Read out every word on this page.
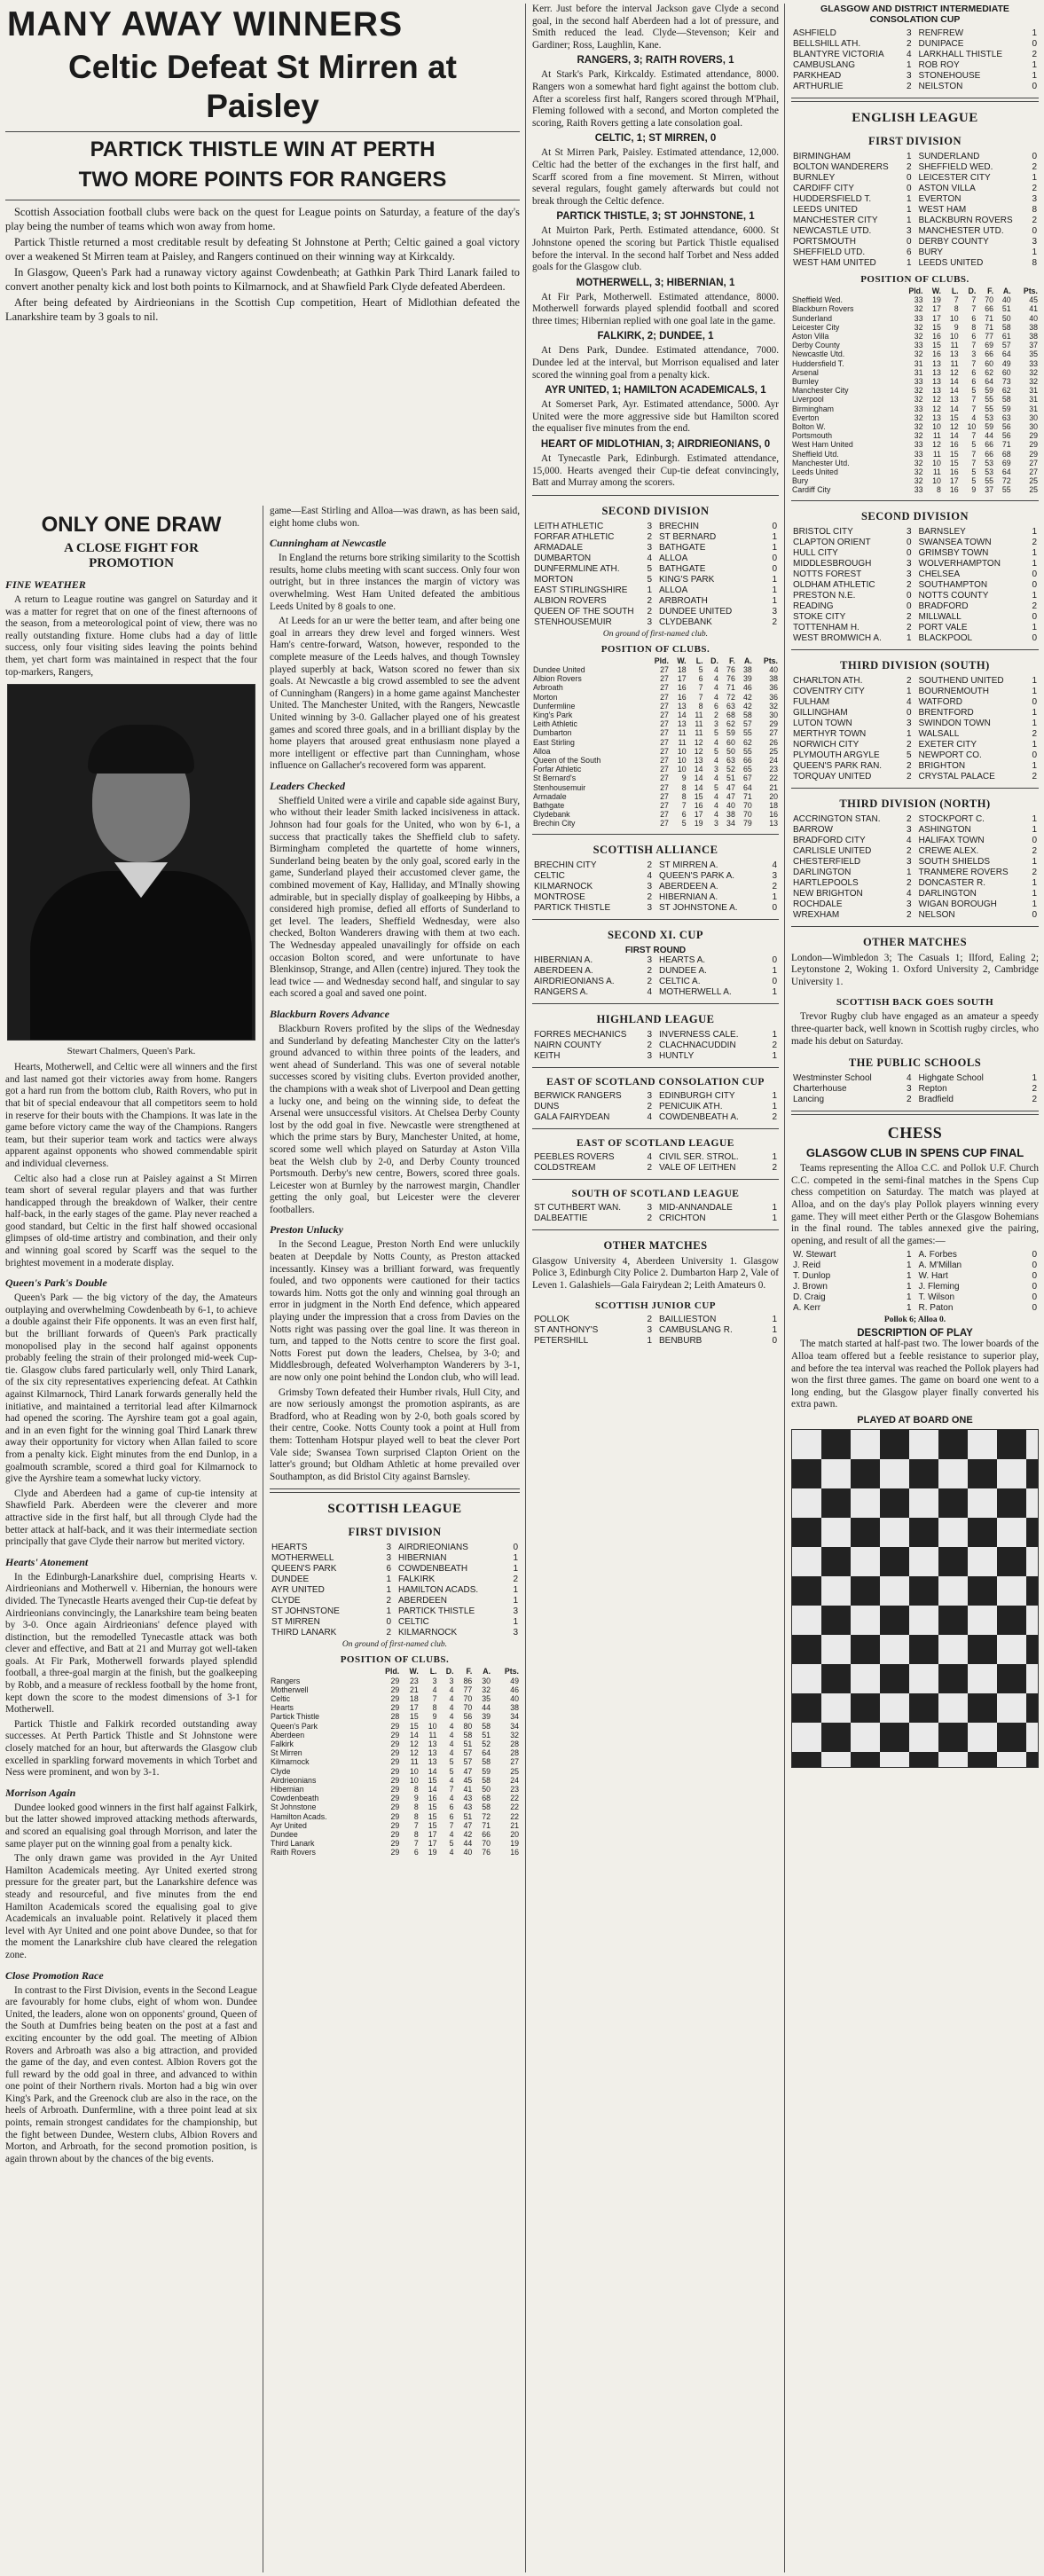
MANY AWAY WINNERS
Celtic Defeat St Mirren at Paisley
PARTICK THISTLE WIN AT PERTH
TWO MORE POINTS FOR RANGERS

Scottish Association football clubs were back on the quest for League points on Saturday, a feature of the day's play being the number of teams which won away from home.

Partick Thistle returned a most creditable result by defeating St Johnstone at Perth; Celtic gained a goal victory over a weakened St Mirren team at Paisley, and Rangers continued on their winning way at Kirkcaldy.

In Glasgow, Queen's Park had a runaway victory against Cowdenbeath; at Gathkin Park Third Lanark failed to convert another penalty kick and lost both points to Kilmarnock, and at Shawfield Park Clyde defeated Aberdeen.

After being defeated by Airdrieonians in the Scottish Cup competition, Heart of Midlothian defeated the Lanarkshire team by 3 goals to nil.

ONLY ONE DRAW
A CLOSE FIGHT FOR PROMOTION
FINE WEATHER

A return to League routine was gangrel on Saturday and it was a matter for regret that on one of the finest afternoons of the season, from a meteorological point of view, there was no really outstanding fixture. Home clubs had a day of little success, only four visiting sides leaving the points behind them, yet chart form was maintained in respect that the four top-markers, Rangers,

Stewart Chalmers, Queen's Park.

Hearts, Motherwell, and Celtic were all winners and the first and last named got their victories away from home. Rangers got a hard run from the bottom club, Raith Rovers, who put in that bit of special endeavour that all competitors seem to hold in reserve for their bouts with the Champions. It was late in the game before victory came the way of the Champions. Rangers team, but their superior team work and tactics were always apparent against opponents who showed commendable spirit and individual cleverness.

Celtic also had a close run at Paisley against a St Mirren team short of several regular players and that was further handicapped through the breakdown of Walker, their centre half-back, in the early stages of the game. Play never reached a good standard, but Celtic in the first half showed occasional glimpses of old-time artistry and combination, and their only and winning goal scored by Scarff was the sequel to the brightest movement in a moderate display.

Queen's Park's Double

Queen's Park — the big victory of the day, the Amateurs outplaying and overwhelming Cowdenbeath by 6-1, to achieve a double against their Fife opponents. It was an even first half, but the brilliant forwards of Queen's Park practically monopolised play in the second half against opponents probably feeling the strain of their prolonged mid-week Cup-tie. Glasgow clubs fared particularly well, only Third Lanark, of the six city representatives experiencing defeat. At Cathkin against Kilmarnock, Third Lanark forwards generally held the initiative, and maintained a territorial lead after Kilmarnock had opened the scoring. The Ayrshire team got a goal again, and in an even fight for the winning goal Third Lanark threw away their opportunity for victory when Allan failed to score from a penalty kick. Eight minutes from the end Dunlop, in a goalmouth scramble, scored a third goal for Kilmarnock to give the Ayrshire team a somewhat lucky victory.

Clyde and Aberdeen had a game of cup-tie intensity at Shawfield Park. Aberdeen were the cleverer and more attractive side in the first half, but all through Clyde had the better attack at half-back, and it was their intermediate section principally that gave Clyde their narrow but merited victory.

Hearts' Atonement

In the Edinburgh-Lanarkshire duel, comprising Hearts v. Airdrieonians and Motherwell v. Hibernian, the honours were divided. The Tynecastle Hearts avenged their Cup-tie defeat by Airdrieonians convincingly, the Lanarkshire team being beaten by 3-0. Once again Airdrieonians' defence played with distinction, but the remodelled Tynecastle attack was both clever and effective, and Batt at 21 and Murray got well-taken goals. At Fir Park, Motherwell forwards played splendid football, a three-goal margin at the finish, but the goalkeeping by Robb, and a measure of reckless football by the home front, kept down the score to the modest dimensions of 3-1 for Motherwell.

Partick Thistle and Falkirk recorded outstanding away successes. At Perth Partick Thistle and St Johnstone were closely matched for an hour, but afterwards the Glasgow club excelled in sparkling forward movements in which Torbet and Ness were prominent, and won by 3-1.

Morrison Again

Dundee looked good winners in the first half against Falkirk, but the latter showed improved attacking methods afterwards, and scored an equalising goal through Morrison, and later the same player put on the winning goal from a penalty kick.

The only drawn game was provided in the Ayr United Hamilton Academicals meeting. Ayr United exerted strong pressure for the greater part, but the Lanarkshire defence was steady and resourceful, and five minutes from the end Hamilton Academicals scored the equalising goal to give Academicals an invaluable point. Relatively it placed them level with Ayr United and one point above Dundee, so that for the moment the Lanarkshire club have cleared the relegation zone.

Close Promotion Race

In contrast to the First Division, events in the Second League are favourably for home clubs, eight of whom won. Dundee United, the leaders, alone won on opponents' ground, Queen of the South at Dumfries being beaten on the post at a fast and exciting encounter by the odd goal. The meeting of Albion Rovers and Arbroath was also a big attraction, and provided the game of the day, and even contest. Albion Rovers got the full reward by the odd goal in three, and advanced to within one point of their Northern rivals. Morton had a big win over King's Park, and the Greenock club are also in the race, on the heels of Arbroath. Dunfermline, with a three point lead at six points, remain strongest candidates for the championship, but the fight between Dundee, Western clubs, Albion Rovers and Morton, and Arbroath, for the second promotion position, is again thrown about by the chances of the big events.

game—East Stirling and Alloa—was drawn, as has been said, eight home clubs won.

Cunningham at Newcastle

In England the returns bore striking similarity to the Scottish results, home clubs meeting with scant success. Only four won outright, but in three instances the margin of victory was overwhelming. West Ham United defeated the ambitious Leeds United by 8 goals to one.

At Leeds for an ur were the better team, and after being one goal in arrears they drew level and forged winners. West Ham's centre-forward, Watson, however, responded to the complete measure of the Leeds halves, and though Townsley played superbly at back, Watson scored no fewer than six goals. At Newcastle a big crowd assembled to see the advent of Cunningham (Rangers) in a home game against Manchester United. The Manchester United, with the Rangers, Newcastle United winning by 3-0. Gallacher played one of his greatest games and scored three goals, and in a brilliant display by the home players that aroused great enthusiasm none played a more intelligent or effective part than Cunningham, whose influence on Gallacher's recovered form was apparent.

Leaders Checked

Sheffield United were a virile and capable side against Bury, who without their leader Smith lacked incisiveness in attack. Johnson had four goals for the United, who won by 6-1, a success that practically takes the Sheffield club to safety. Birmingham completed the quartette of home winners, Sunderland being beaten by the only goal, scored early in the game, Sunderland played their accustomed clever game, the combined movement of Kay, Halliday, and M'Inally showing admirable, but in specially display of goalkeeping by Hibbs, a considered high promise, defied all efforts of Sunderland to get level. The leaders, Sheffield Wednesday, were also checked, Bolton Wanderers drawing with them at two each. The Wednesday appealed unavailingly for offside on each occasion Bolton scored, and were unfortunate to have Blenkinsop, Strange, and Allen (centre) injured. They took the lead twice — and Wednesday second half, and singular to say each scored a goal and saved one point.

Blackburn Rovers Advance

Blackburn Rovers profited by the slips of the Wednesday and Sunderland by defeating Manchester City on the latter's ground advanced to within three points of the leaders, and went ahead of Sunderland. This was one of several notable successes scored by visiting clubs. Everton provided another, the champions with a weak shot of Liverpool and Dean getting a lucky one, and being on the winning side, to defeat the Arsenal were unsuccessful visitors. At Chelsea Derby County lost by the odd goal in five. Newcastle were strengthened at which the prime stars by Bury, Manchester United, at home, scored some well which played on Saturday at Aston Villa beat the Welsh club by 2-0, and Derby County trounced Portsmouth. Derby's new centre, Bowers, scored three goals. Leicester won at Burnley by the narrowest margin, Chandler getting the only goal, but Leicester were the cleverer footballers.

Preston Unlucky

In the Second League, Preston North End were unluckily beaten at Deepdale by Notts County, as Preston attacked incessantly. Kinsey was a brilliant forward, was frequently fouled, and two opponents were cautioned for their tactics towards him. Notts got the only and winning goal through an error in judgment in the North End defence, which appeared playing under the impression that a cross from Davies on the Notts right was passing over the goal line. It was thereon in turn, and tapped to the Notts centre to score the first goal. Notts Forest put down the leaders, Chelsea, by 3-0; and Middlesbrough, defeated Wolverhampton Wanderers by 3-1, are now only one point behind the London club, who will lead.

Grimsby Town defeated their Humber rivals, Hull City, and are now seriously amongst the promotion aspirants, as are Bradford, who at Reading won by 2-0, both goals scored by their centre, Cooke. Notts County took a point at Hull from them: Tottenham Hotspur played well to beat the clever Port Vale side; Swansea Town surprised Clapton Orient on the latter's ground; but Oldham Athletic at home prevailed over Southampton, as did Bristol City against Barnsley.

SCOTTISH LEAGUE
FIRST DIVISION
HEARTS	3 AIRDRIEONIANS	0
MOTHERWELL	3 HIBERNIAN	1
QUEEN'S PARK	6 COWDENBEATH	1
DUNDEE	1 FALKIRK	2
AYR UNITED	1 HAMILTON ACADS.	1
CLYDE	2 ABERDEEN	1
ST JOHNSTONE	1 PARTICK THISTLE	3
ST MIRREN	0 CELTIC	1
THIRD LANARK	2 KILMARNOCK	3
On ground of first-named club.
POSITION OF CLUBS.
	Pld.	W.	L.	D.	F.	A.	Pts.
Rangers	29	23	3	3	86	30	49
Motherwell	29	21	4	4	77	32	46
Celtic	29	18	7	4	70	35	40
Hearts	29	17	8	4	70	44	38
Partick Thistle	28	15	9	4	56	39	34
Queen's Park	29	15	10	4	80	58	34
Aberdeen	29	14	11	4	58	51	32
Falkirk	29	12	13	4	51	52	28
St Mirren	29	12	13	4	57	64	28
Kilmarnock	29	11	13	5	57	58	27
Clyde	29	10	14	5	47	59	25
Airdrieonians	29	10	15	4	45	58	24
Hibernian	29	8	14	7	41	50	23
Cowdenbeath	29	9	16	4	43	68	22
St Johnstone	29	8	15	6	43	58	22
Hamilton Acads.	29	8	15	6	51	72	22
Ayr United	29	7	15	7	47	71	21
Dundee	29	8	17	4	42	66	20
Third Lanark	29	7	17	5	44	70	19
Raith Rovers	29	6	19	4	40	76	16

Kerr. Just before the interval Jackson gave Clyde a second goal, in the second half Aberdeen had a lot of pressure, and Smith reduced the lead. Clyde—Stevenson; Keir and Gardiner; Ross, Laughlin, Kane.

RANGERS, 3; RAITH ROVERS, 1

At Stark's Park, Kirkcaldy. Estimated attendance, 8000. Rangers won a somewhat hard fight against the bottom club. After a scoreless first half, Rangers scored through M'Phail, Fleming followed with a second, and Morton completed the scoring, Raith Rovers getting a late consolation goal.

CELTIC, 1; ST MIRREN, 0

At St Mirren Park, Paisley. Estimated attendance, 12,000. Celtic had the better of the exchanges in the first half, and Scarff scored from a fine movement. St Mirren, without several regulars, fought gamely afterwards but could not break through the Celtic defence.

PARTICK THISTLE, 3; ST JOHNSTONE, 1

At Muirton Park, Perth. Estimated attendance, 6000. St Johnstone opened the scoring but Partick Thistle equalised before the interval. In the second half Torbet and Ness added goals for the Glasgow club.

MOTHERWELL, 3; HIBERNIAN, 1

At Fir Park, Motherwell. Estimated attendance, 8000. Motherwell forwards played splendid football and scored three times; Hibernian replied with one goal late in the game.

FALKIRK, 2; DUNDEE, 1

At Dens Park, Dundee. Estimated attendance, 7000. Dundee led at the interval, but Morrison equalised and later scored the winning goal from a penalty kick.

AYR UNITED, 1; HAMILTON ACADEMICALS, 1

At Somerset Park, Ayr. Estimated attendance, 5000. Ayr United were the more aggressive side but Hamilton scored the equaliser five minutes from the end.

HEART OF MIDLOTHIAN, 3; AIRDRIEONIANS, 0

At Tynecastle Park, Edinburgh. Estimated attendance, 15,000. Hearts avenged their Cup-tie defeat convincingly, Batt and Murray among the scorers.

SECOND DIVISION
LEITH ATHLETIC	3 BRECHIN	0
FORFAR ATHLETIC	2 ST BERNARD	1
ARMADALE	3 BATHGATE	1
DUMBARTON	4 ALLOA	0
DUNFERMLINE ATH.	5 BATHGATE	0
MORTON	5 KING'S PARK	1
EAST STIRLINGSHIRE	1 ALLOA	1
ALBION ROVERS	2 ARBROATH	1
QUEEN OF THE SOUTH	2 DUNDEE UNITED	3
STENHOUSEMUIR	3 CLYDEBANK	2
On ground of first-named club.
POSITION OF CLUBS.
	Pld.	W.	L.	D.	F.	A.	Pts.
Dundee United	27	18	5	4	76	38	40
Albion Rovers	27	17	6	4	76	39	38
Arbroath	27	16	7	4	71	46	36
Morton	27	16	7	4	72	42	36
Dunfermline	27	13	8	6	63	42	32
King's Park	27	14	11	2	68	58	30
Leith Athletic	27	13	11	3	62	57	29
Dumbarton	27	11	11	5	59	55	27
East Stirling	27	11	12	4	60	62	26
Alloa	27	10	12	5	50	55	25
Queen of the South	27	10	13	4	63	66	24
Forfar Athletic	27	10	14	3	52	65	23
St Bernard's	27	9	14	4	51	67	22
Stenhousemuir	27	8	14	5	47	64	21
Armadale	27	8	15	4	47	71	20
Bathgate	27	7	16	4	40	70	18
Clydebank	27	6	17	4	38	70	16
Brechin City	27	5	19	3	34	79	13
SCOTTISH ALLIANCE
BRECHIN CITY	2 ST MIRREN A.	4
CELTIC	4 QUEEN'S PARK A.	3
KILMARNOCK	3 ABERDEEN A.	2
MONTROSE	2 HIBERNIAN A.	1
PARTICK THISTLE	3 ST JOHNSTONE A.	0
SECOND XI. CUP
FIRST ROUND
HIBERNIAN A.	3 HEARTS A.	0
ABERDEEN A.	2 DUNDEE A.	1
AIRDRIEONIANS A.	2 CELTIC A.	0
RANGERS A.	4 MOTHERWELL A.	1
HIGHLAND LEAGUE
FORRES MECHANICS	3 INVERNESS CALE.	1
NAIRN COUNTY	2 CLACHNACUDDIN	2
KEITH	3 HUNTLY	1
EAST OF SCOTLAND CONSOLATION CUP
BERWICK RANGERS	3 EDINBURGH CITY	1
DUNS	2 PENICUIK ATH.	1
GALA FAIRYDEAN	4 COWDENBEATH A.	2
EAST OF SCOTLAND LEAGUE
PEEBLES ROVERS	4 CIVIL SER. STROL.	1
COLDSTREAM	2 VALE OF LEITHEN	2
SOUTH OF SCOTLAND LEAGUE
ST CUTHBERT WAN.	3 MID-ANNANDALE	1
DALBEATTIE	2 CRICHTON	1
OTHER MATCHES

Glasgow University 4, Aberdeen University 1. Glasgow Police 3, Edinburgh City Police 2. Dumbarton Harp 2, Vale of Leven 1. Galashiels—Gala Fairydean 2; Leith Amateurs 0.

SCOTTISH JUNIOR CUP
POLLOK	2 BAILLIESTON	1
ST ANTHONY'S	3 CAMBUSLANG R.	1
PETERSHILL	1 BENBURB	0
GLASGOW AND DISTRICT INTERMEDIATE CONSOLATION CUP
ASHFIELD	3 RENFREW	1
BELLSHILL ATH.	2 DUNIPACE	0
BLANTYRE VICTORIA	4 LARKHALL THISTLE	2
CAMBUSLANG	1 ROB ROY	1
PARKHEAD	3 STONEHOUSE	1
ARTHURLIE	2 NEILSTON	0
ENGLISH LEAGUE
FIRST DIVISION
BIRMINGHAM	1 SUNDERLAND	0
BOLTON WANDERERS	2 SHEFFIELD WED.	2
BURNLEY	0 LEICESTER CITY	1
CARDIFF CITY	0 ASTON VILLA	2
HUDDERSFIELD T.	1 EVERTON	3
LEEDS UNITED	1 WEST HAM	8
MANCHESTER CITY	1 BLACKBURN ROVERS	2
NEWCASTLE UTD.	3 MANCHESTER UTD.	0
PORTSMOUTH	0 DERBY COUNTY	3
SHEFFIELD UTD.	6 BURY	1
WEST HAM UNITED	1 LEEDS UNITED	8
POSITION OF CLUBS.
	Pld.	W.	L.	D.	F.	A.	Pts.
Sheffield Wed.	33	19	7	7	70	40	45
Blackburn Rovers	32	17	8	7	66	51	41
Sunderland	33	17	10	6	71	50	40
Leicester City	32	15	9	8	71	58	38
Aston Villa	32	16	10	6	77	61	38
Derby County	33	15	11	7	69	57	37
Newcastle Utd.	32	16	13	3	66	64	35
Huddersfield T.	31	13	11	7	60	49	33
Arsenal	31	13	12	6	62	60	32
Burnley	33	13	14	6	64	73	32
Manchester City	32	13	14	5	59	62	31
Liverpool	32	12	13	7	55	58	31
Birmingham	33	12	14	7	55	59	31
Everton	32	13	15	4	53	63	30
Bolton W.	32	10	12	10	59	56	30
Portsmouth	32	11	14	7	44	56	29
West Ham United	33	12	16	5	66	71	29
Sheffield Utd.	33	11	15	7	66	68	29
Manchester Utd.	32	10	15	7	53	69	27
Leeds United	32	11	16	5	53	64	27
Bury	32	10	17	5	55	72	25
Cardiff City	33	8	16	9	37	55	25
SECOND DIVISION
BRISTOL CITY	3 BARNSLEY	1
CLAPTON ORIENT	0 SWANSEA TOWN	2
HULL CITY	0 GRIMSBY TOWN	1
MIDDLESBROUGH	3 WOLVERHAMPTON	1
NOTTS FOREST	3 CHELSEA	0
OLDHAM ATHLETIC	2 SOUTHAMPTON	0
PRESTON N.E.	0 NOTTS COUNTY	1
READING	0 BRADFORD	2
STOKE CITY	2 MILLWALL	0
TOTTENHAM H.	2 PORT VALE	1
WEST BROMWICH A.	1 BLACKPOOL	0
THIRD DIVISION (SOUTH)
CHARLTON ATH.	2 SOUTHEND UNITED	1
COVENTRY CITY	1 BOURNEMOUTH	1
FULHAM	4 WATFORD	0
GILLINGHAM	0 BRENTFORD	1
LUTON TOWN	3 SWINDON TOWN	1
MERTHYR TOWN	1 WALSALL	2
NORWICH CITY	2 EXETER CITY	1
PLYMOUTH ARGYLE	5 NEWPORT CO.	0
QUEEN'S PARK RAN.	2 BRIGHTON	1
TORQUAY UNITED	2 CRYSTAL PALACE	2
THIRD DIVISION (NORTH)
ACCRINGTON STAN.	2 STOCKPORT C.	1
BARROW	3 ASHINGTON	1
BRADFORD CITY	4 HALIFAX TOWN	0
CARLISLE UNITED	2 CREWE ALEX.	2
CHESTERFIELD	3 SOUTH SHIELDS	1
DARLINGTON	1 TRANMERE ROVERS	2
HARTLEPOOLS	2 DONCASTER R.	1
NEW BRIGHTON	4 DARLINGTON	1
ROCHDALE	3 WIGAN BOROUGH	1
WREXHAM	2 NELSON	0
OTHER MATCHES

London—Wimbledon 3; The Casuals 1; Ilford, Ealing 2; Leytonstone 2, Woking 1. Oxford University 2, Cambridge University 1.

SCOTTISH BACK GOES SOUTH

Trevor Rugby club have engaged as an amateur a speedy three-quarter back, well known in Scottish rugby circles, who made his debut on Saturday.

THE PUBLIC SCHOOLS
Westminster School	4 Highgate School	1
Charterhouse	3 Repton	2
Lancing	2 Bradfield	2
CHESS
GLASGOW CLUB IN SPENS CUP FINAL

Teams representing the Alloa C.C. and Pollok U.F. Church C.C. competed in the semi-final matches in the Spens Cup chess competition on Saturday. The match was played at Alloa, and on the day's play Pollok players winning every game. They will meet either Perth or the Glasgow Bohemians in the final round. The tables annexed give the pairing, opening, and result of all the games:—

W. Stewart	1 A. Forbes	0
J. Reid	1 A. M'Millan	0
T. Dunlop	1 W. Hart	0
J. Brown	1 J. Fleming	0
D. Craig	1 T. Wilson	0
A. Kerr	1 R. Paton	0
Pollok 6; Alloa 0.
DESCRIPTION OF PLAY

The match started at half-past two. The lower boards of the Alloa team offered but a feeble resistance to superior play, and before the tea interval was reached the Pollok players had won the first three games. The game on board one went to a long ending, but the Glasgow player finally converted his extra pawn.

PLAYED AT BOARD ONE
